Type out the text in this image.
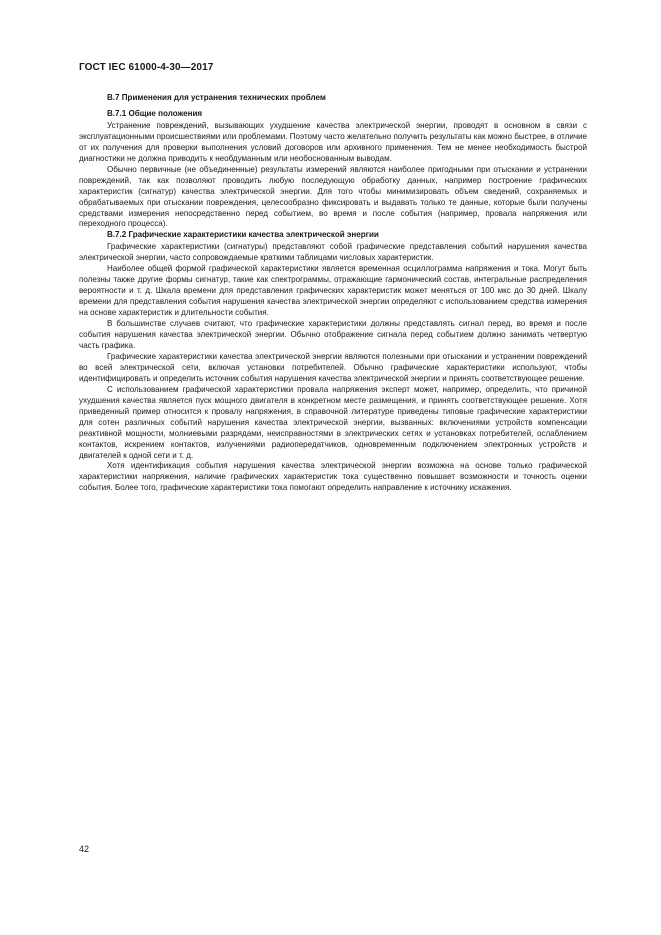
ГОСТ IEC 61000-4-30—2017

В.7 Применения для устранения технических проблем

В.7.1 Общие положения

Устранение повреждений, вызывающих ухудшение качества электрической энергии, проводят в основном в связи с эксплуатационными происшествиями или проблемами. Поэтому часто желательно получить результаты как можно быстрее, в отличие от их получения для проверки выполнения условий договоров или архивного применения. Тем не менее необходимость быстрой диагностики не должна приводить к необдуманным или необоснованным выводам.

Обычно первичные (не объединенные) результаты измерений являются наиболее пригодными при отыскании и устранении повреждений, так как позволяют проводить любую последующую обработку данных, например построение графических характеристик (сигнатур) качества электрической энергии. Для того чтобы минимизировать объем сведений, сохраняемых и обрабатываемых при отыскании повреждения, целесообразно фиксировать и выдавать только те данные, которые были получены средствами измерения непосредственно перед событием, во время и после события (например, провала напряжения или переходного процесса).

В.7.2 Графические характеристики качества электрической энергии

Графические характеристики (сигнатуры) представляют собой графические представления событий нарушения качества электрической энергии, часто сопровождаемые краткими таблицами числовых характеристик.

Наиболее общей формой графической характеристики является временная осциллограмма напряжения и тока. Могут быть полезны также другие формы сигнатур, такие как спектрограммы, отражающие гармонический состав, интегральные распределения вероятности и т. д. Шкала времени для представления графических характеристик может меняться от 100 мкс до 30 дней. Шкалу времени для представления события нарушения качества электрической энергии определяют с использованием средства измерения на основе характеристик и длительности события.

В большинстве случаев считают, что графические характеристики должны представлять сигнал перед, во время и после события нарушения качества электрической энергии. Обычно отображение сигнала перед событием должно занимать четвертую часть графика.

Графические характеристики качества электрической энергии являются полезными при отыскании и устранении повреждений во всей электрической сети, включая установки потребителей. Обычно графические характеристики используют, чтобы идентифицировать и определить источник события нарушения качества электрической энергии и принять соответствующее решение.

С использованием графической характеристики провала напряжения эксперт может, например, определить, что причиной ухудшения качества является пуск мощного двигателя в конкретном месте размещения, и принять соответствующее решение. Хотя приведенный пример относится к провалу напряжения, в справочной литературе приведены типовые графические характеристики для сотен различных событий нарушения качества электрической энергии, вызванных: включениями устройств компенсации реактивной мощности, молниевыми разрядами, неисправностями в электрических сетях и установках потребителей, ослаблением контактов, искрением контактов, излучениями радиопередатчиков, одновременным подключением электронных устройств и двигателей к одной сети и т. д.

Хотя идентификация события нарушения качества электрической энергии возможна на основе только графической характеристики напряжения, наличие графических характеристик тока существенно повышает возможности и точность оценки события. Более того, графические характеристики тока помогают определить направление к источнику искажения.

42
